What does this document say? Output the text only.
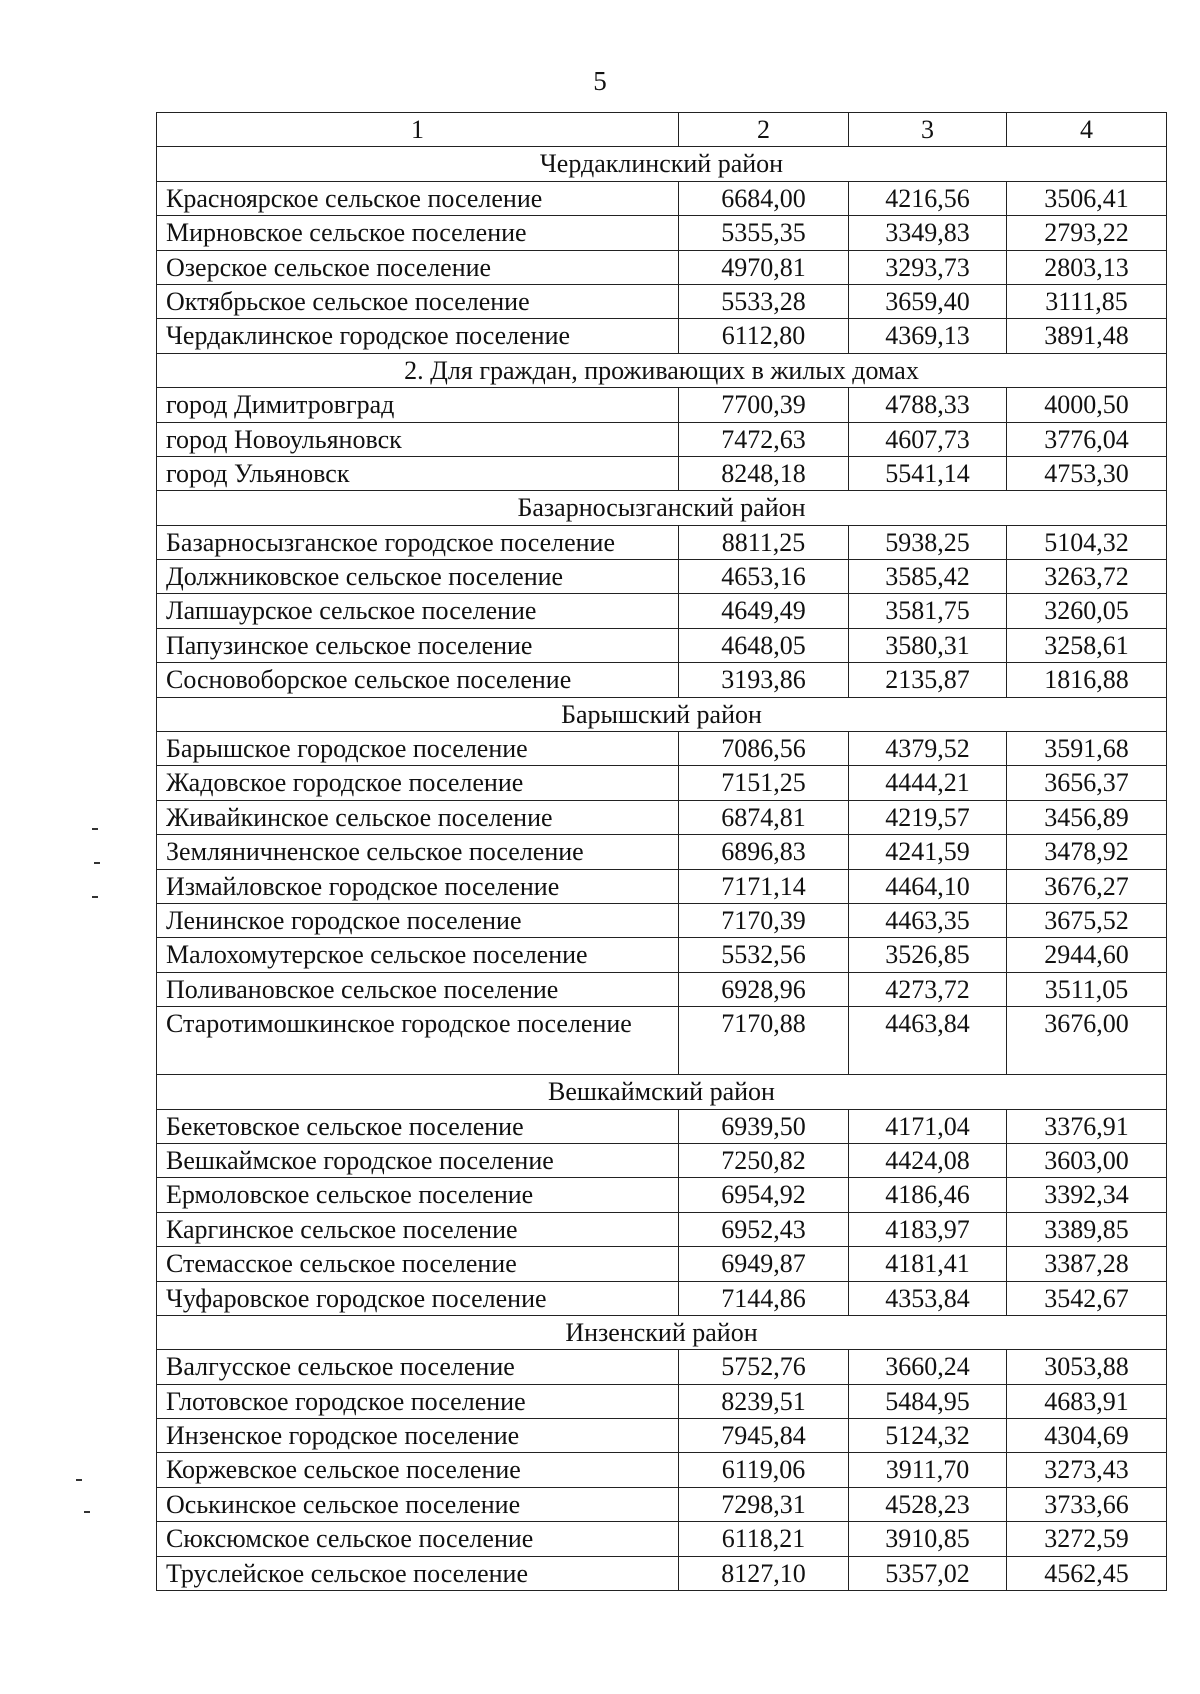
5
1	2	3	4
Чердаклинский район			
Красноярское сельское поселение	6684,00	4216,56	3506,41
Мирновское сельское поселение	5355,35	3349,83	2793,22
Озерское сельское поселение	4970,81	3293,73	2803,13
Октябрьское сельское поселение	5533,28	3659,40	3111,85
Чердаклинское городское поселение	6112,80	4369,13	3891,48
2. Для граждан, проживающих в жилых домах			
город Димитровград	7700,39	4788,33	4000,50
город Новоульяновск	7472,63	4607,73	3776,04
город Ульяновск	8248,18	5541,14	4753,30
Базарносызганский район			
Базарносызганское городское поселение	8811,25	5938,25	5104,32
Должниковское сельское поселение	4653,16	3585,42	3263,72
Лапшаурское сельское поселение	4649,49	3581,75	3260,05
Папузинское сельское поселение	4648,05	3580,31	3258,61
Сосновоборское сельское поселение	3193,86	2135,87	1816,88
Барышский район			
Барышское городское поселение	7086,56	4379,52	3591,68
Жадовское городское поселение	7151,25	4444,21	3656,37
Живайкинское сельское поселение	6874,81	4219,57	3456,89
Земляничненское сельское поселение	6896,83	4241,59	3478,92
Измайловское городское поселение	7171,14	4464,10	3676,27
Ленинское городское поселение	7170,39	4463,35	3675,52
Малохомутерское сельское поселение	5532,56	3526,85	2944,60
Поливановское сельское поселение	6928,96	4273,72	3511,05
Старотимошкинское городское поселение	7170,88	4463,84	3676,00
Вешкаймский район			
Бекетовское сельское поселение	6939,50	4171,04	3376,91
Вешкаймское городское поселение	7250,82	4424,08	3603,00
Ермоловское сельское поселение	6954,92	4186,46	3392,34
Каргинское сельское поселение	6952,43	4183,97	3389,85
Стемасское сельское поселение	6949,87	4181,41	3387,28
Чуфаровское городское поселение	7144,86	4353,84	3542,67
Инзенский район			
Валгусское сельское поселение	5752,76	3660,24	3053,88
Глотовское городское поселение	8239,51	5484,95	4683,91
Инзенское городское поселение	7945,84	5124,32	4304,69
Коржевское сельское поселение	6119,06	3911,70	3273,43
Оськинское сельское поселение	7298,31	4528,23	3733,66
Сюксюмское сельское поселение	6118,21	3910,85	3272,59
Труслейское сельское поселение	8127,10	5357,02	4562,45
